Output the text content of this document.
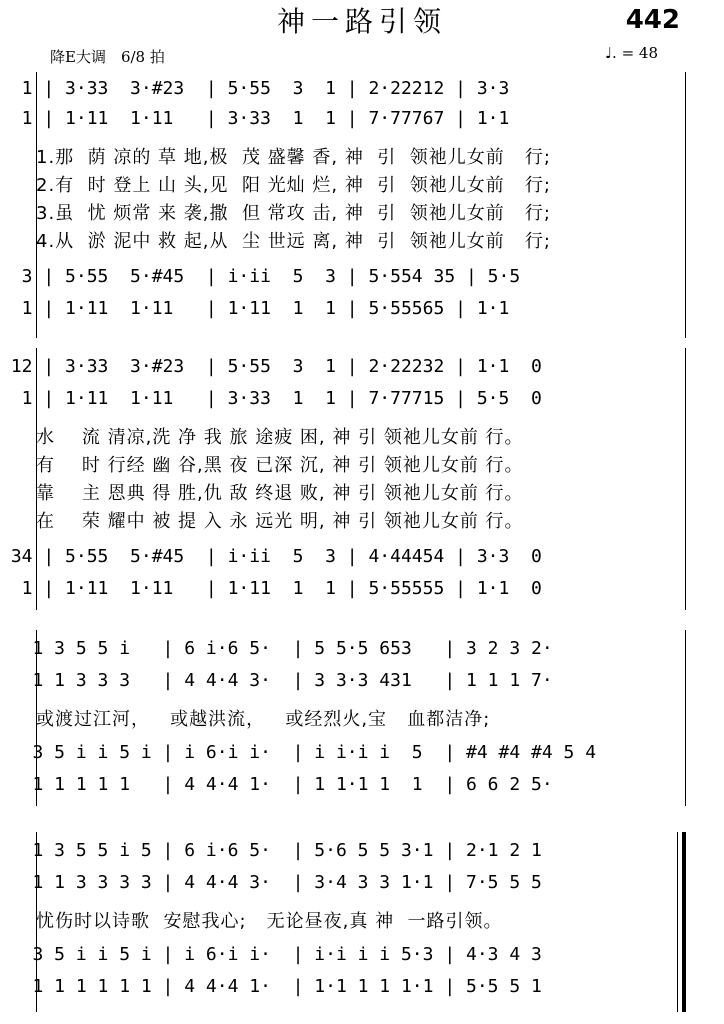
神一路引领	442
降E大调　6/8 拍	♩. = 48
1 | 3·33  3·#23  | 5·55  3  1 | 2·22212 | 3·3
1 | 1·11  1·11   | 3·33  1  1 | 7·77767 | 1·1
1.那  荫 凉的 草 地,极  茂 盛馨 香, 神  引  领祂儿女前   行;
2.有  时 登上 山 头,见  阳 光灿 烂, 神  引  领祂儿女前   行;
3.虽  忧 烦常 来 袭,撒  但 常攻 击, 神  引  领祂儿女前   行;
4.从  淤 泥中 救 起,从  尘 世远 离, 神  引  领祂儿女前   行;
3 | 5·55  5·#45  | i·ii  5  3 | 5·554 35 | 5·5
1 | 1·11  1·11   | 1·11  1  1 | 5·55565 | 1·1
12 | 3·33  3·#23  | 5·55  3  1 | 2·22232 | 1·1  0
1 | 1·11  1·11   | 3·33  1  1 | 7·77715 | 5·5  0
水    流 清凉,洗 净 我 旅 途疲 困, 神 引 领祂儿女前 行。
有    时 行经 幽 谷,黑 夜 已深 沉, 神 引 领祂儿女前 行。
靠    主 恩典 得 胜,仇 敌 终退 败, 神 引 领祂儿女前 行。
在    荣 耀中 被 提 入 永 远光 明, 神 引 领祂儿女前 行。
34 | 5·55  5·#45  | i·ii  5  3 | 4·44454 | 3·3  0
1 | 1·11  1·11   | 1·11  1  1 | 5·55555 | 1·1  0
1 3 5 5 i   | 6 i·6 5·  | 5 5·5 653   | 3 2 3 2·
1 1 3 3 3   | 4 4·4 3·  | 3 3·3 431   | 1 1 1 7·
或渡过江河，   或越洪流，   或经烈火,宝   血都洁净;
3 5 i i 5 i | i 6·i i·  | i i·i i  5  | #4 #4 #4 5 4
1 1 1 1 1   | 4 4·4 1·  | 1 1·1 1  1  | 6 6 2 5·
1 3 5 5 i 5 | 6 i·6 5·  | 5·6 5 5 3·1 | 2·1 2 1
1 1 3 3 3 3 | 4 4·4 3·  | 3·4 3 3 1·1 | 7·5 5 5
忧伤时以诗歌  安慰我心;   无论昼夜,真 神  一路引领。
3 5 i i 5 i | i 6·i i·  | i·i i i 5·3 | 4·3 4 3
1 1 1 1 1 1 | 4 4·4 1·  | 1·1 1 1 1·1 | 5·5 5 1
